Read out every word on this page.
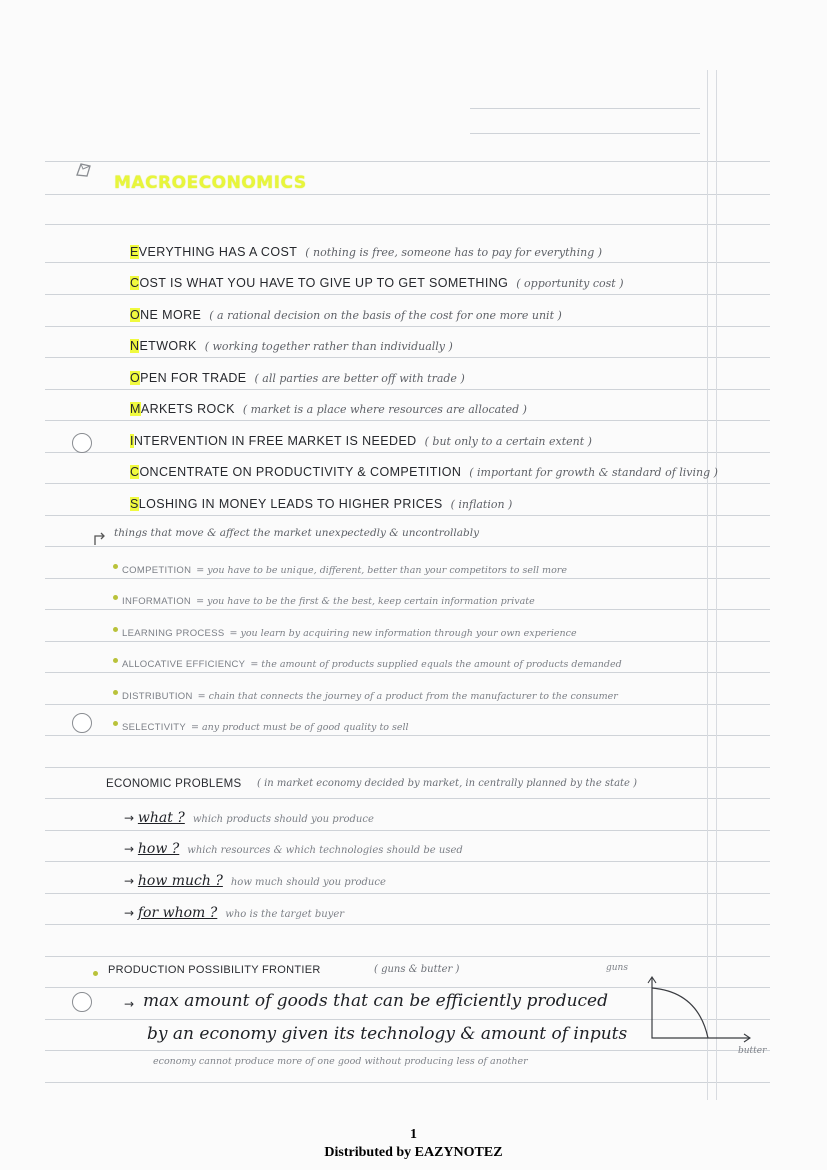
MACROECONOMICS
EVERYTHING HAS A COST ( nothing is free, someone has to pay for everything )
COST IS WHAT YOU HAVE TO GIVE UP TO GET SOMETHING ( opportunity cost )
ONE MORE ( a rational decision on the basis of the cost for one more unit )
NETWORK ( working together rather than individually )
OPEN FOR TRADE ( all parties are better off with trade )
MARKETS ROCK ( market is a place where resources are allocated )
INTERVENTION IN FREE MARKET IS NEEDED ( but only to a certain extent )
CONCENTRATE ON PRODUCTIVITY & COMPETITION ( important for growth & standard of living )
SLOSHING IN MONEY LEADS TO HIGHER PRICES ( inflation )
things that move & affect the market unexpectedly & uncontrollably
COMPETITION = you have to be unique, different, better than your competitors to sell more
INFORMATION = you have to be the first & the best, keep certain information private
LEARNING PROCESS = you learn by acquiring new information through your own experience
ALLOCATIVE EFFICIENCY = the amount of products supplied equals the amount of products demanded
DISTRIBUTION = chain that connects the journey of a product from the manufacturer to the consumer
SELECTIVITY = any product must be of good quality to sell
ECONOMIC PROBLEMS ( in market economy decided by market, in centrally planned by the state )
→ what ? which products should you produce
→ how ? which resources & which technologies should be used
→ how much ? how much should you produce
→ for whom ? who is the target buyer
PRODUCTION POSSIBILITY FRONTIER	( guns & butter )
→ max amount of goods that can be efficiently produced
by an economy given its technology & amount of inputs
economy cannot produce more of one good without producing less of another
guns
butter
1
Distributed by EAZYNOTEZ
